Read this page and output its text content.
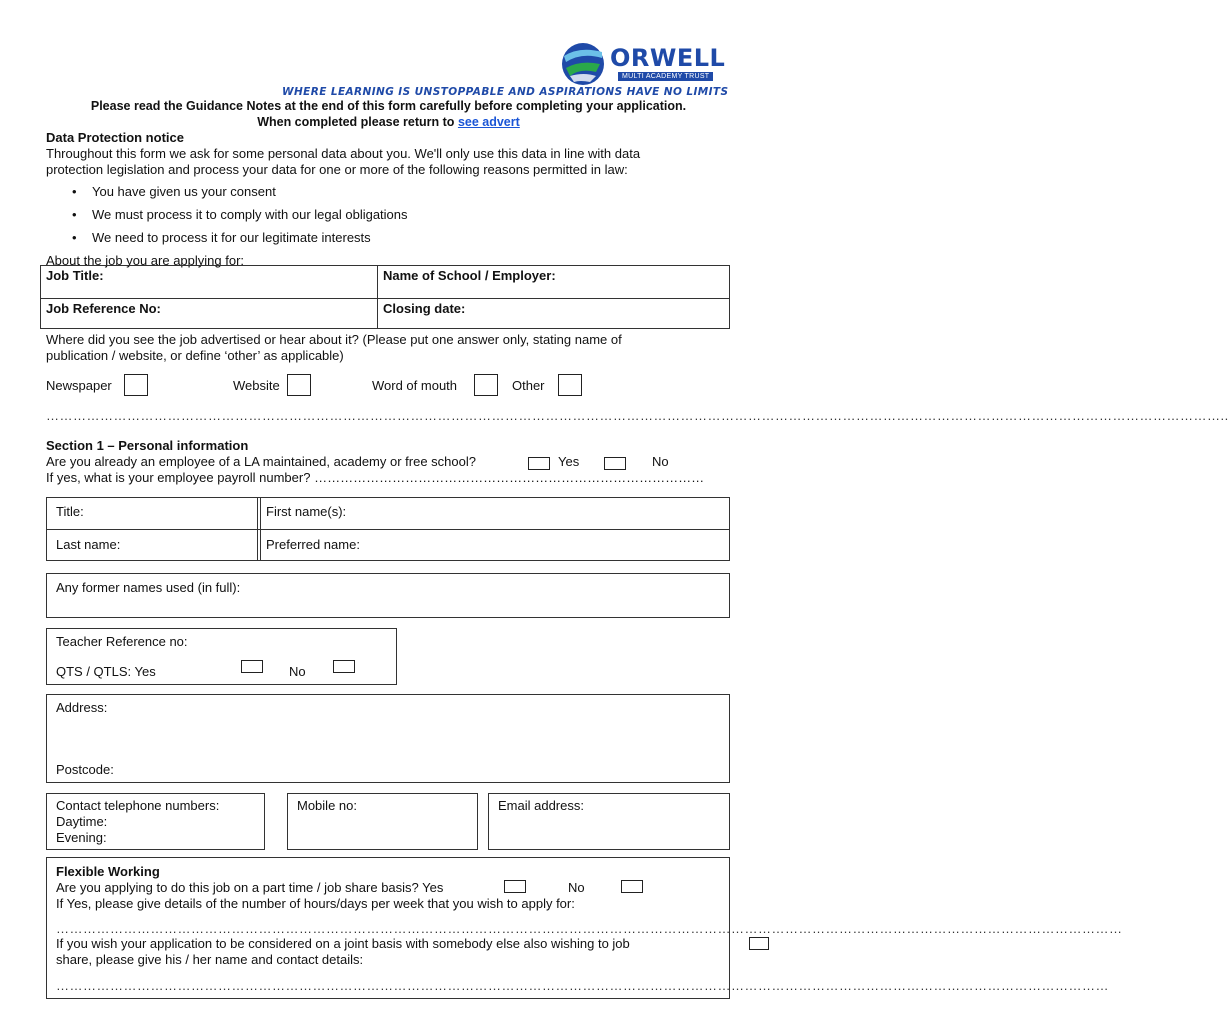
ORWELL
MULTI ACADEMY TRUST
WHERE LEARNING IS UNSTOPPABLE AND ASPIRATIONS HAVE NO LIMITS
Please read the Guidance Notes at the end of this form carefully before completing your application.
When completed please return to see advert
Data Protection notice
Throughout this form we ask for some personal data about you. We'll only use this data in line with data
protection legislation and process your data for one or more of the following reasons permitted in law:
• You have given us your consent
• We must process it to comply with our legal obligations
• We need to process it for our legitimate interests
About the job you are applying for:
Job Title:	Name of School / Employer:
Job Reference No:	Closing date:
Where did you see the job advertised or hear about it? (Please put one answer only, stating name of
publication / website, or define ‘other’ as applicable)
Newspaper	Website	Word of mouth	Other
………………………………………………………………………………………………………………………………………………………………………………………………………………………………………..
Section 1 – Personal information
Are you already an employee of a LA maintained, academy or free school?	Yes	No
If yes, what is your employee payroll number? ………………………………………………………………………………
Title:	First name(s):
Last name:	Preferred name:
Any former names used (in full):
Teacher Reference no:
QTS / QTLS: Yes	No
Address:
Postcode:
Contact telephone numbers:
Daytime:
Evening:
Mobile no:	Email address:
Flexible Working
Are you applying to do this job on a part time / job share basis? Yes	No
If Yes, please give details of the number of hours/days per week that you wish to apply for:
…………………………………………………………………………………………………………………………………………………………………………………………………………………
If you wish your application to be considered on a joint basis with somebody else also wishing to job
share, please give his / her name and contact details:
………………………………………………………………………………………………………………………………………………………………………………………………………………
